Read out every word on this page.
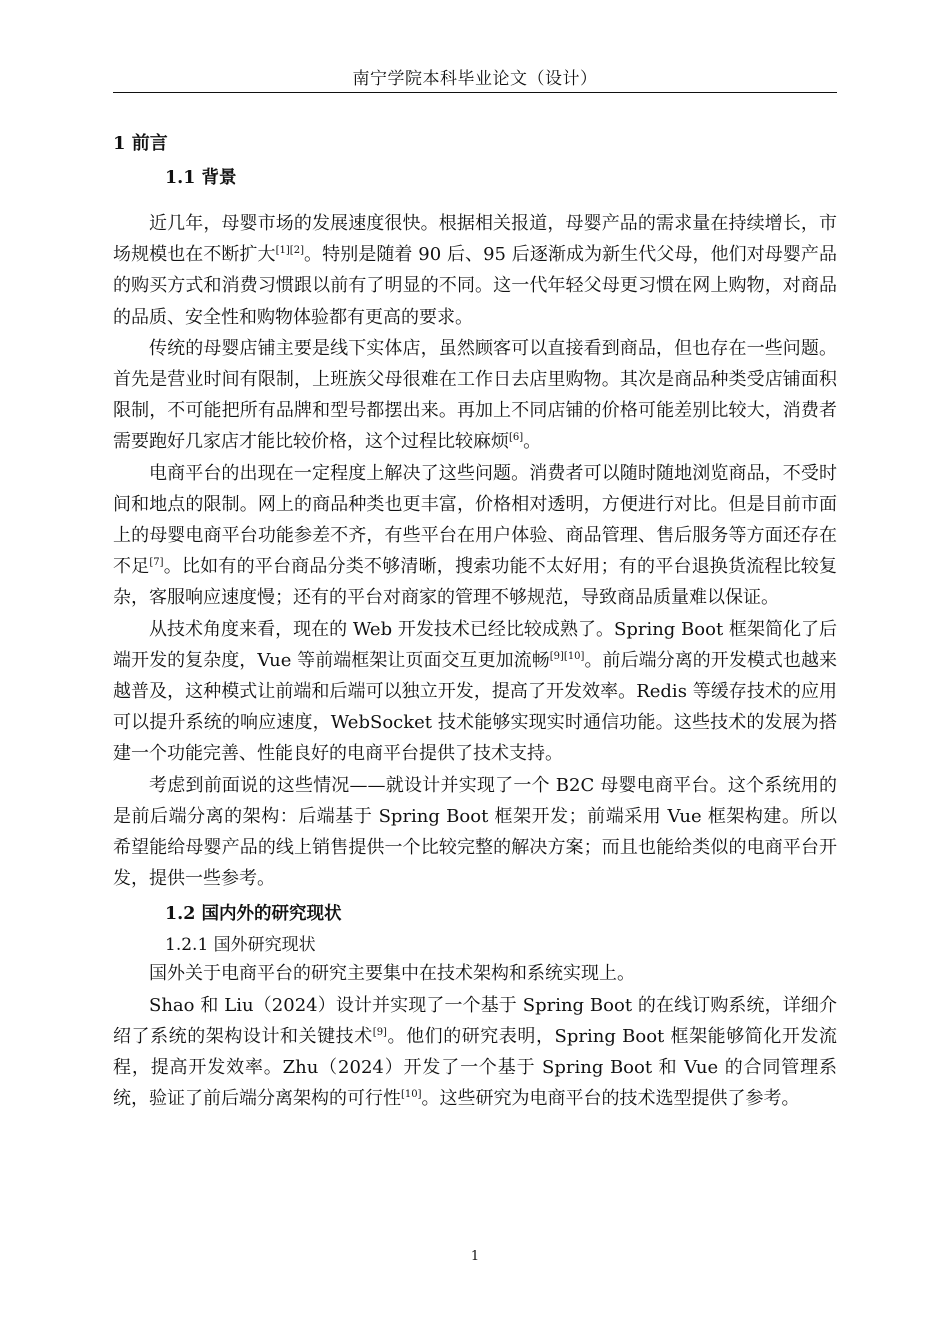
南宁学院本科毕业论文（设计）
1 前言
1.1 背景

近几年，母婴市场的发展速度很快。根据相关报道，母婴产品的需求量在持续增长，市场规模也在不断扩大[1][2]。特别是随着 90 后、95 后逐渐成为新生代父母，他们对母婴产品的购买方式和消费习惯跟以前有了明显的不同。这一代年轻父母更习惯在网上购物，对商品的品质、安全性和购物体验都有更高的要求。

传统的母婴店铺主要是线下实体店，虽然顾客可以直接看到商品，但也存在一些问题。首先是营业时间有限制，上班族父母很难在工作日去店里购物。其次是商品种类受店铺面积限制，不可能把所有品牌和型号都摆出来。再加上不同店铺的价格可能差别比较大，消费者需要跑好几家店才能比较价格，这个过程比较麻烦[6]。

电商平台的出现在一定程度上解决了这些问题。消费者可以随时随地浏览商品，不受时间和地点的限制。网上的商品种类也更丰富，价格相对透明，方便进行对比。但是目前市面上的母婴电商平台功能参差不齐，有些平台在用户体验、商品管理、售后服务等方面还存在不足[7]。比如有的平台商品分类不够清晰，搜索功能不太好用；有的平台退换货流程比较复杂，客服响应速度慢；还有的平台对商家的管理不够规范，导致商品质量难以保证。

从技术角度来看，现在的 Web 开发技术已经比较成熟了。Spring Boot 框架简化了后端开发的复杂度，Vue 等前端框架让页面交互更加流畅[9][10]。前后端分离的开发模式也越来越普及，这种模式让前端和后端可以独立开发，提高了开发效率。Redis 等缓存技术的应用可以提升系统的响应速度，WebSocket 技术能够实现实时通信功能。这些技术的发展为搭建一个功能完善、性能良好的电商平台提供了技术支持。

考虑到前面说的这些情况——就设计并实现了一个 B2C 母婴电商平台。这个系统用的是前后端分离的架构：后端基于 Spring Boot 框架开发；前端采用 Vue 框架构建。所以希望能给母婴产品的线上销售提供一个比较完整的解决方案；而且也能给类似的电商平台开发，提供一些参考。

1.2 国内外的研究现状
1.2.1 国外研究现状

国外关于电商平台的研究主要集中在技术架构和系统实现上。

Shao 和 Liu（2024）设计并实现了一个基于 Spring Boot 的在线订购系统，详细介绍了系统的架构设计和关键技术[9]。他们的研究表明，Spring Boot 框架能够简化开发流程，提高开发效率。Zhu（2024）开发了一个基于 Spring Boot 和 Vue 的合同管理系统，验证了前后端分离架构的可行性[10]。这些研究为电商平台的技术选型提供了参考。

1
